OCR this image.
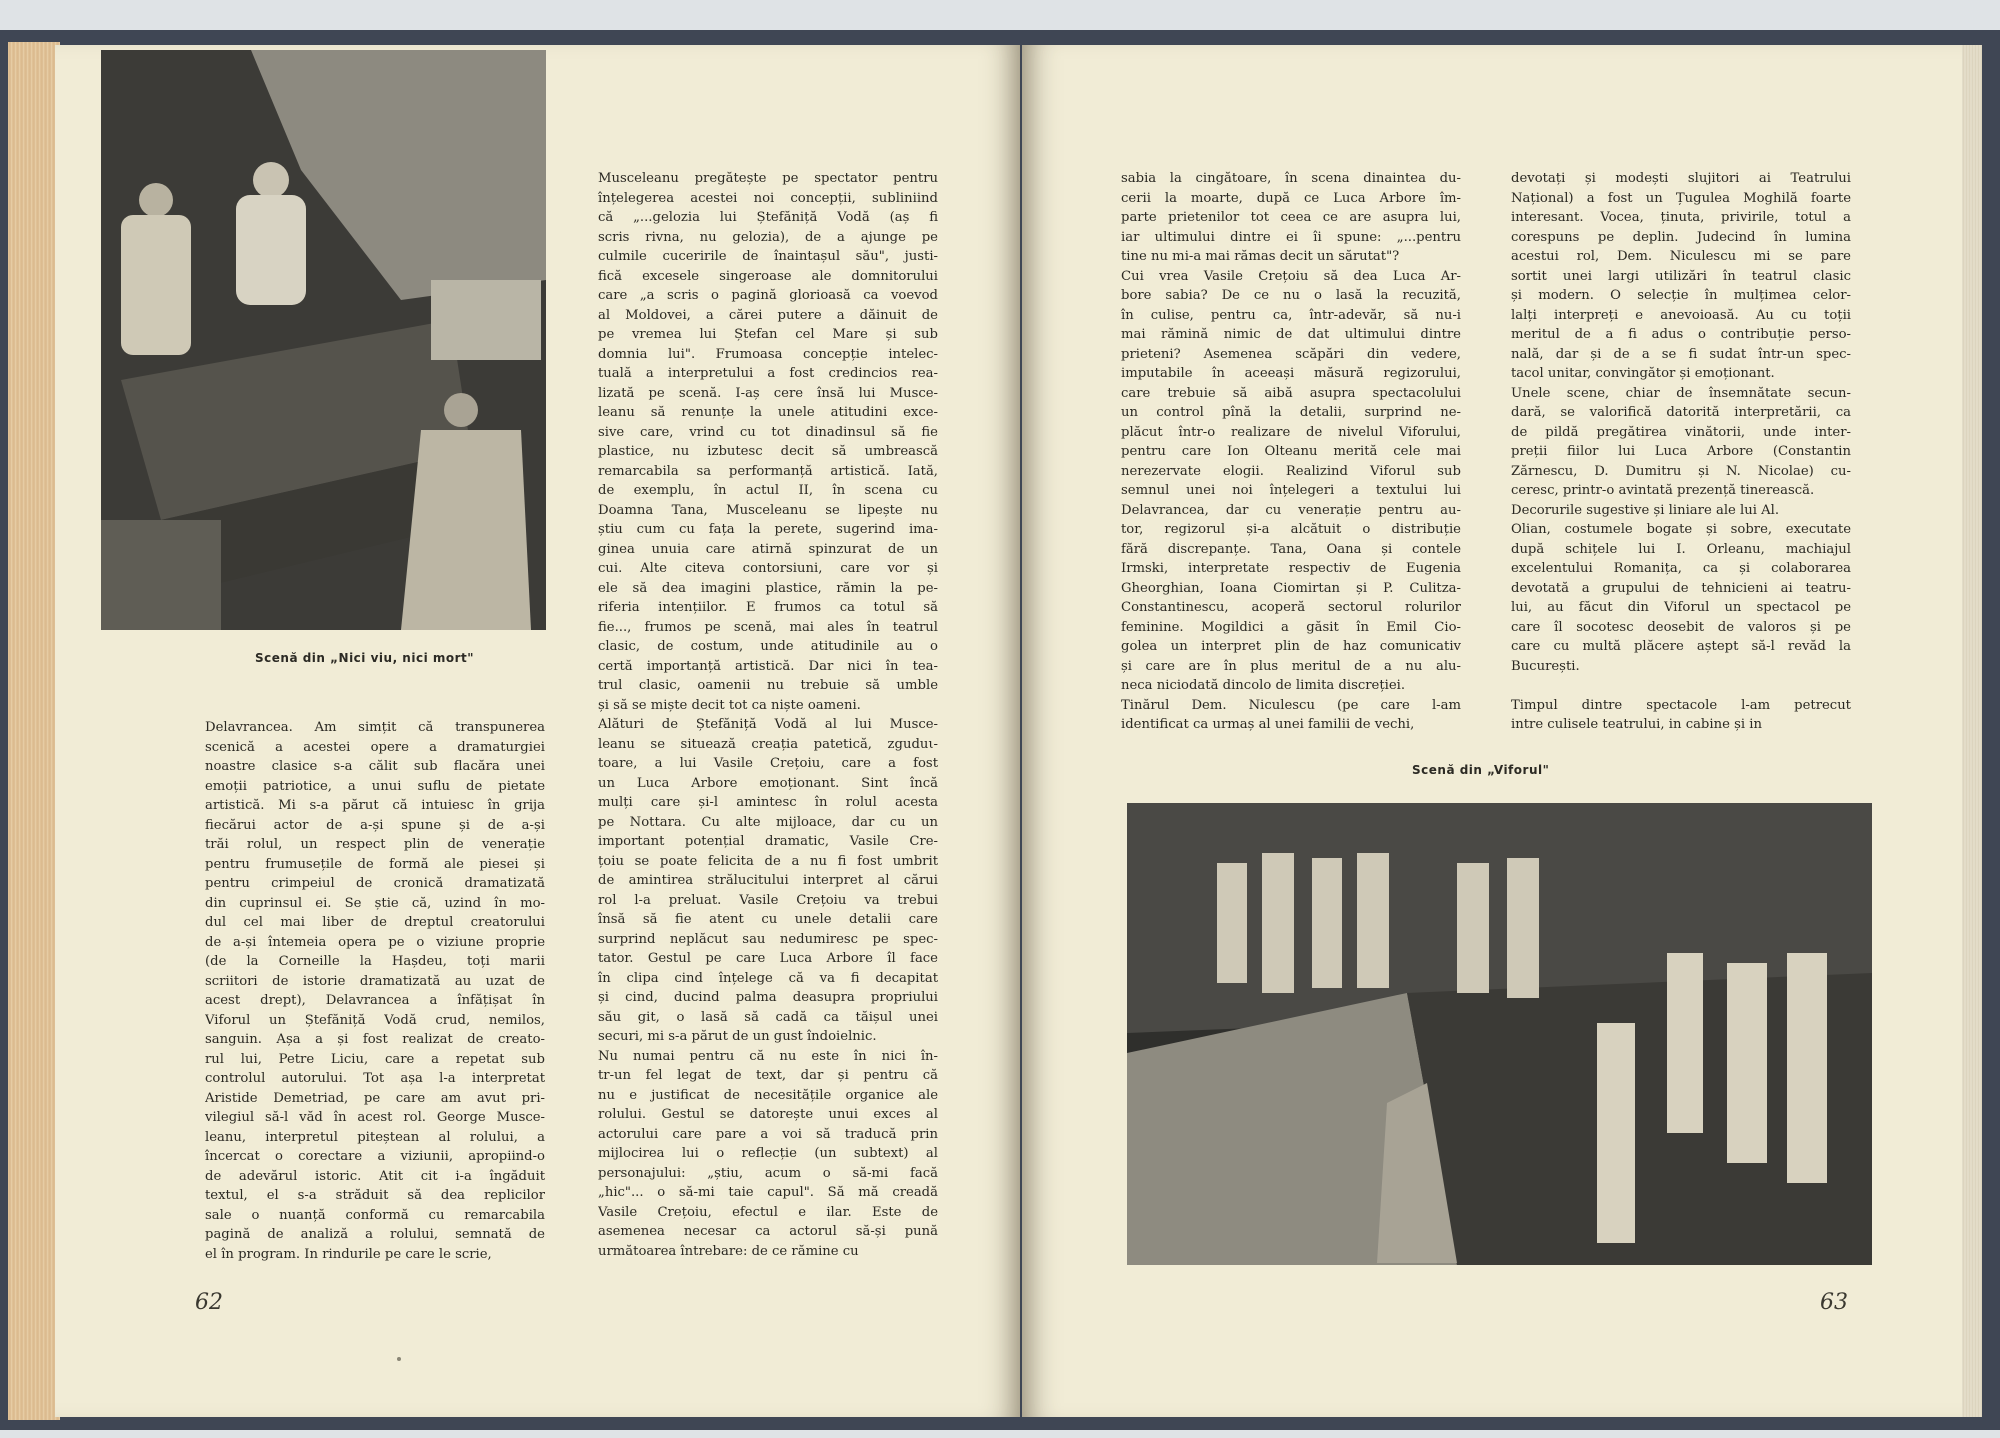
Scenă din „Nici viu, nici mort"
Delavrancea. Am simțit că transpunerea
scenică a acestei opere a dramaturgiei
noastre clasice s-a călit sub flacăra unei
emoții patriotice, a unui suflu de pietate
artistică. Mi s-a părut că intuiesc în grija
fiecărui actor de a-și spune și de a-și
trăi rolul, un respect plin de venerație
pentru frumusețile de formă ale piesei și
pentru crimpeiul de cronică dramatizată
din cuprinsul ei. Se știe că, uzind în mo-
dul cel mai liber de dreptul creatorului
de a-și întemeia opera pe o viziune proprie
(de la Corneille la Hașdeu, toți marii
scriitori de istorie dramatizată au uzat de
acest drept), Delavrancea a înfățișat în
Viforul un Ștefăniță Vodă crud, nemilos,
sanguin. Așa a și fost realizat de creato-
rul lui, Petre Liciu, care a repetat sub
controlul autorului. Tot așa l-a interpretat
Aristide Demetriad, pe care am avut pri-
vilegiul să-l văd în acest rol. George Musce-
leanu, interpretul piteștean al rolului, a
încercat o corectare a viziunii, apropiind-o
de adevărul istoric. Atit cit i-a îngăduit
textul, el s-a străduit să dea replicilor
sale o nuanță conformă cu remarcabila
pagină de analiză a rolului, semnată de
el în program. In rindurile pe care le scrie,
Musceleanu pregătește pe spectator pentru
înțelegerea acestei noi concepții, subliniind
că „...gelozia lui Ștefăniță Vodă (aș fi
scris rivna, nu gelozia), de a ajunge pe
culmile cuceririle de înaintașul său", justi-
fică excesele singeroase ale domnitorului
care „a scris o pagină glorioasă ca voevod
al Moldovei, a cărei putere a dăinuit de
pe vremea lui Ștefan cel Mare și sub
domnia lui". Frumoasa concepție intelec-
tuală a interpretului a fost credincios rea-
lizată pe scenă. I-aș cere însă lui Musce-
leanu să renunțe la unele atitudini exce-
sive care, vrind cu tot dinadinsul să fie
plastice, nu izbutesc decit să umbrească
remarcabila sa performanță artistică. Iată,
de exemplu, în actul II, în scena cu
Doamna Tana, Musceleanu se lipește nu
știu cum cu fața la perete, sugerind ima-
ginea unuia care atirnă spinzurat de un
cui. Alte citeva contorsiuni, care vor și
ele să dea imagini plastice, rămin la pe-
riferia intențiilor. E frumos ca totul să
fie..., frumos pe scenă, mai ales în teatrul
clasic, de costum, unde atitudinile au o
certă importanță artistică. Dar nici în tea-
trul clasic, oamenii nu trebuie să umble
și să se miște decit tot ca niște oameni.
Alături de Ștefăniță Vodă al lui Musce-
leanu se situează creația patetică, zguduι-
toare, a lui Vasile Crețoiu, care a fost
un Luca Arbore emoționant. Sint încă
mulți care și-l amintesc în rolul acesta
pe Nottara. Cu alte mijloace, dar cu un
important potențial dramatic, Vasile Cre-
țoiu se poate felicita de a nu fi fost umbrit
de amintirea strălucitului interpret al cărui
rol l-a preluat. Vasile Crețoiu va trebui
însă să fie atent cu unele detalii care
surprind neplăcut sau nedumiresc pe spec-
tator. Gestul pe care Luca Arbore îl face
în clipa cind înțelege că va fi decapitat
și cind, ducind palma deasupra propriului
său git, o lasă să cadă ca tăișul unei
securi, mi s-a părut de un gust îndoielnic.
Nu numai pentru că nu este în nici în-
tr-un fel legat de text, dar și pentru că
nu e justificat de necesitățile organice ale
rolului. Gestul se datorește unui exces al
actorului care pare a voi să traducă prin
mijlocirea lui o reflecție (un subtext) al
personajului: „știu, acum o să-mi facă
„hic"... o să-mi taie capul". Să mă creadă
Vasile Crețoiu, efectul e ilar. Este de
asemenea necesar ca actorul să-și pună
următoarea întrebare: de ce rămine cu
62
sabia la cingătoare, în scena dinaintea du-
cerii la moarte, după ce Luca Arbore îm-
parte prietenilor tot ceea ce are asupra lui,
iar ultimului dintre ei îi spune: „...pentru
tine nu mi-a mai rămas decit un sărutat"?
Cui vrea Vasile Crețoiu să dea Luca Ar-
bore sabia? De ce nu o lasă la recuzită,
în culise, pentru ca, într-adevăr, să nu-i
mai rămină nimic de dat ultimului dintre
prieteni? Asemenea scăpări din vedere,
imputabile în aceeași măsură regizorului,
care trebuie să aibă asupra spectacolului
un control pînă la detalii, surprind ne-
plăcut într-o realizare de nivelul Viforului,
pentru care Ion Olteanu merită cele mai
nerezervate elogii. Realizind Viforul sub
semnul unei noi înțelegeri a textului lui
Delavrancea, dar cu venerație pentru au-
tor, regizorul și-a alcătuit o distribuție
fără discrepanțe. Tana, Oana și contele
Irmski, interpretate respectiv de Eugenia
Gheorghian, Ioana Ciomirtan și P. Culitza-
Constantinescu, acoperă sectorul rolurilor
feminine. Mogildici a găsit în Emil Cio-
golea un interpret plin de haz comunicativ
și care are în plus meritul de a nu alu-
neca niciodată dincolo de limita discreției.
Tinărul Dem. Niculescu (pe care l-am
identificat ca urmaș al unei familii de vechi,
devotați și modești slujitori ai Teatrului
Național) a fost un Țugulea Moghilă foarte
interesant. Vocea, ținuta, privirile, totul a
corespuns pe deplin. Judecind în lumina
acestui rol, Dem. Niculescu mi se pare
sortit unei largi utilizări în teatrul clasic
și modern. O selecție în mulțimea celor-
lalți interpreți e anevoioasă. Au cu toții
meritul de a fi adus o contribuție perso-
nală, dar și de a se fi sudat într-un spec-
tacol unitar, convingător și emoționant.
Unele scene, chiar de însemnătate secun-
dară, se valorifică datorită interpretării, ca
de pildă pregătirea vinătorii, unde inter-
preții fiilor lui Luca Arbore (Constantin
Zărnescu, D. Dumitru și N. Nicolae) cu-
ceresc, printr-o avintată prezență tinerească.
Decorurile sugestive și liniare ale lui Al.
Olian, costumele bogate și sobre, executate
după schițele lui I. Orleanu, machiajul
excelentului Romanița, ca și colaborarea
devotată a grupului de tehnicieni ai teatru-
lui, au făcut din Viforul un spectacol pe
care îl socotesc deosebit de valoros și pe
care cu multă plăcere aștept să-l revăd la
București.

Timpul dintre spectacole l-am petrecut
intre culisele teatrului, in cabine și in
Scenă din „Viforul"
63
